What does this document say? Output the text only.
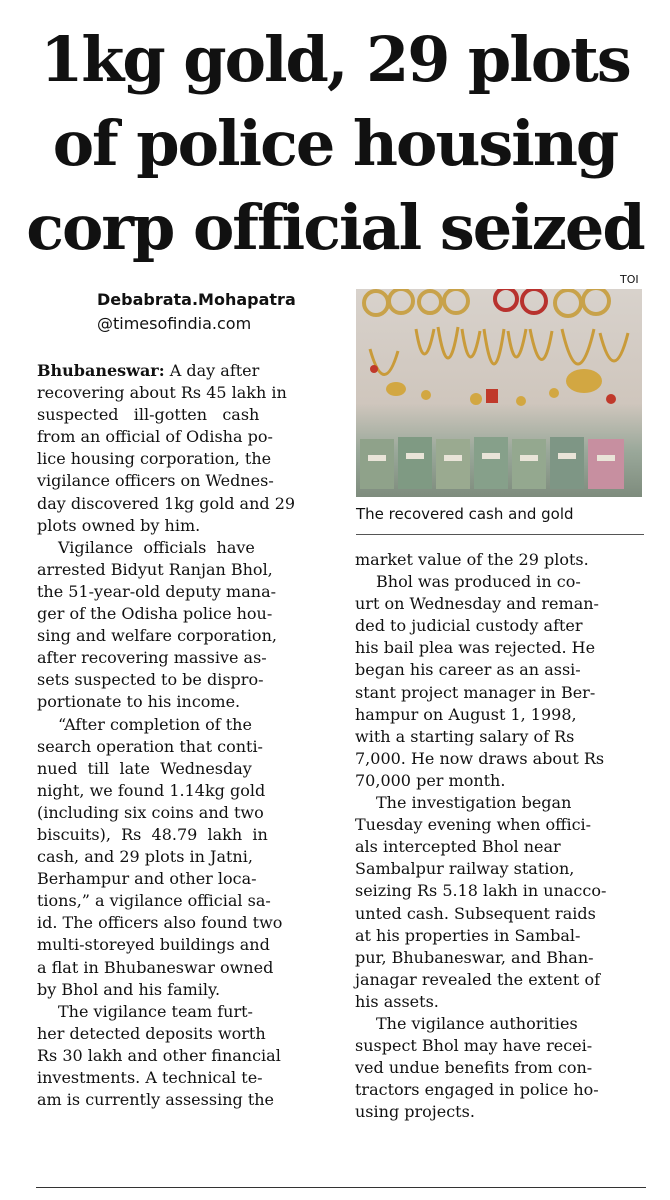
1kg gold, 29 plots
of police housing
corp official seized
Debabrata.Mohapatra
@timesofindia.com
TOI
The recovered cash and gold
Bhubaneswar: A day after
recovering about Rs 45 lakh in
suspected   ill-gotten   cash
from an official of Odisha po-
lice housing corporation, the
vigilance officers on Wednes-
day discovered 1kg gold and 29
plots owned by him.
Vigilance  officials  have
arrested Bidyut Ranjan Bhol,
the 51-year-old deputy mana-
ger of the Odisha police hou-
sing and welfare corporation,
after recovering massive as-
sets suspected to be dispro-
portionate to his income.
“After completion of the
search operation that conti-
nued  till  late  Wednesday
night, we found 1.14kg gold
(including six coins and two
biscuits),  Rs  48.79  lakh  in
cash, and 29 plots in Jatni,
Berhampur and other loca-
tions,” a vigilance official sa-
id. The officers also found two
multi-storeyed buildings and
a flat in Bhubaneswar owned
by Bhol and his family.
The vigilance team furt-
her detected deposits worth
Rs 30 lakh and other financial
investments. A technical te-
am is currently assessing the
market value of the 29 plots.
Bhol was produced in co-
urt on Wednesday and reman-
ded to judicial custody after
his bail plea was rejected. He
began his career as an assi-
stant project manager in Ber-
hampur on August 1, 1998,
with a starting salary of Rs
7,000. He now draws about Rs
70,000 per month.
The investigation began
Tuesday evening when offici-
als intercepted Bhol near
Sambalpur railway station,
seizing Rs 5.18 lakh in unacco-
unted cash. Subsequent raids
at his properties in Sambal-
pur, Bhubaneswar, and Bhan-
janagar revealed the extent of
his assets.
The vigilance authorities
suspect Bhol may have recei-
ved undue benefits from con-
tractors engaged in police ho-
using projects.
